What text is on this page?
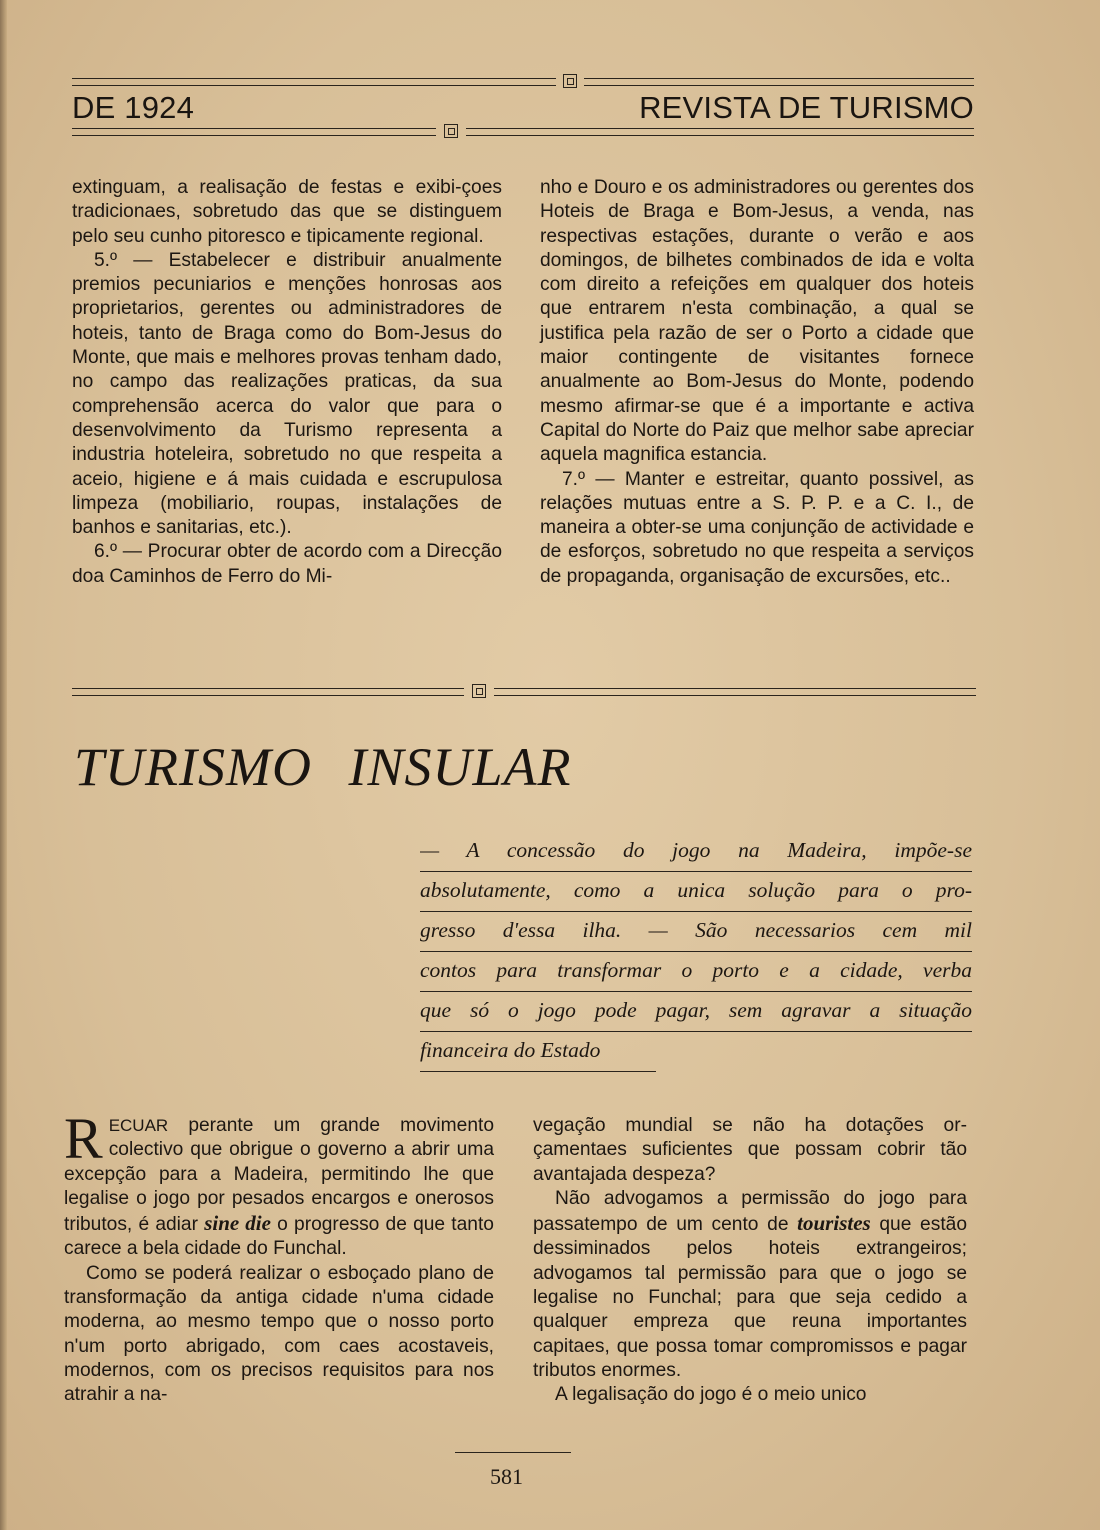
DE 1924	REVISTA DE TURISMO

extinguam, a realisação de festas e exibi-çoes tradicionaes, sobretudo das que se distinguem pelo seu cunho pitoresco e tipicamente regional.

5.º — Estabelecer e distribuir anualmente premios pecuniarios e menções honrosas aos proprietarios, gerentes ou administradores de hoteis, tanto de Braga como do Bom-Jesus do Monte, que mais e melhores provas tenham dado, no campo das realizações praticas, da sua comprehensão acerca do valor que para o desenvolvimento da Turismo representa a industria hoteleira, sobretudo no que respeita a aceio, higiene e á mais cuidada e escrupulosa limpeza (mobiliario, roupas, instalações de banhos e sanitarias, etc.).

6.º — Procurar obter de acordo com a Direcção doa Caminhos de Ferro do Mi-

nho e Douro e os administradores ou gerentes dos Hoteis de Braga e Bom-Jesus, a venda, nas respectivas estações, durante o verão e aos domingos, de bilhetes combinados de ida e volta com direito a refeições em qualquer dos hoteis que entrarem n'esta combinação, a qual se justifica pela razão de ser o Porto a cidade que maior contingente de visitantes fornece anualmente ao Bom-Jesus do Monte, podendo mesmo afirmar-se que é a importante e activa Capital do Norte do Paiz que melhor sabe apreciar aquela magnifica estancia.

7.º — Manter e estreitar, quanto possivel, as relações mutuas entre a S. P. P. e a C. I., de maneira a obter-se uma conjunção de actividade e de esforços, sobretudo no que respeita a serviços de propaganda, organisação de excursões, etc..

TURISMO INSULAR
— A concessão do jogo na Madeira, impõe-se
absolutamente, como a unica solução para o pro-
gresso d'essa ilha. — São necessarios cem mil
contos para transformar o porto e a cidade, verba
que só o jogo pode pagar, sem agravar a situação
financeira do Estado

RECUAR perante um grande movimento colectivo que obrigue o governo a abrir uma excepção para a Madeira, permitindo lhe que legalise o jogo por pesados encargos e onerosos tributos, é adiar sine die o progresso de que tanto carece a bela cidade do Funchal.

Como se poderá realizar o esboçado plano de transformação da antiga cidade n'uma cidade moderna, ao mesmo tempo que o nosso porto n'um porto abrigado, com caes acostaveis, modernos, com os precisos requisitos para nos atrahir a na-

vegação mundial se não ha dotações orçamentaes suficientes que possam cobrir tão avantajada despeza?

Não advogamos a permissão do jogo para passatempo de um cento de touristes que estão dessiminados pelos hoteis extrangeiros; advogamos tal permissão para que o jogo se legalise no Funchal; para que seja cedido a qualquer empreza que reuna importantes capitaes, que possa tomar compromissos e pagar tributos enormes.

A legalisação do jogo é o meio unico

581
